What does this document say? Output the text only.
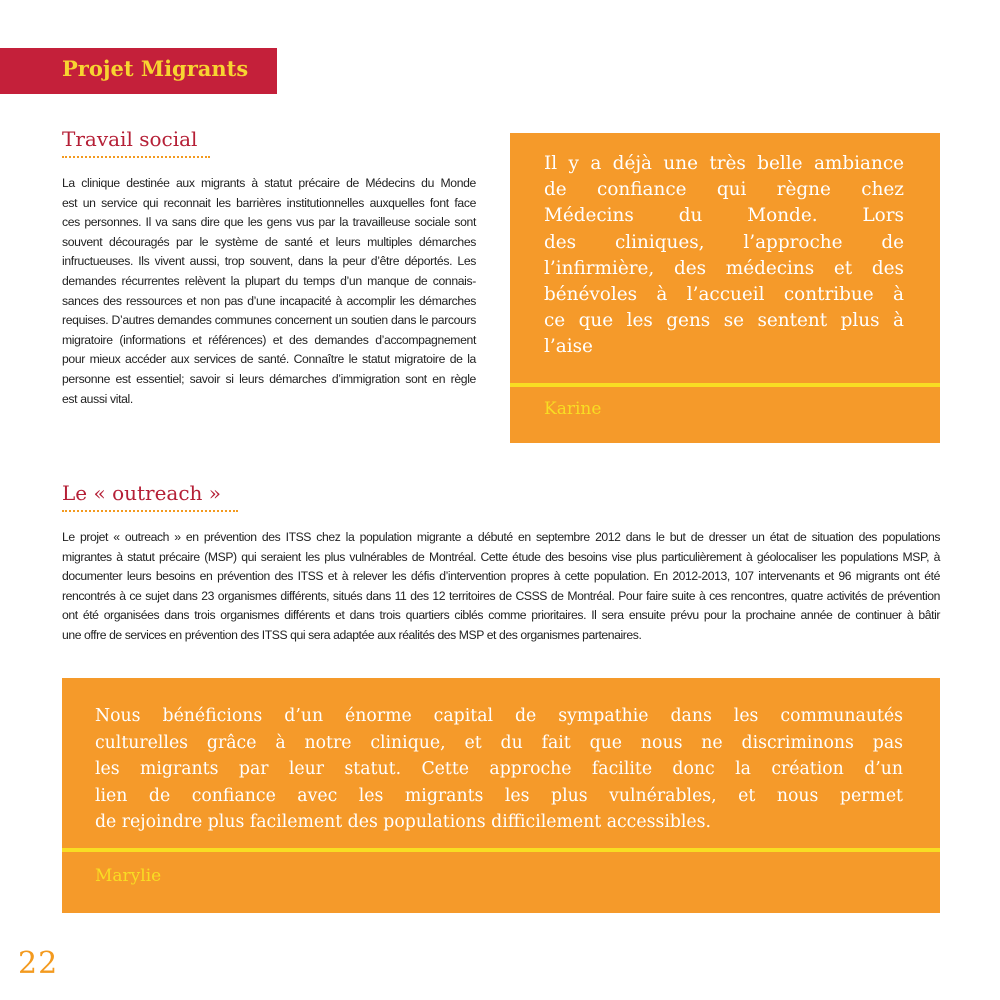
Projet Migrants
Travail social
La clinique destinée aux migrants à statut précaire de Médecins du Monde
est un service qui reconnait les barrières institutionnelles auxquelles font face
ces personnes. Il va sans dire que les gens vus par la travailleuse sociale sont
souvent découragés par le système de santé et leurs multiples démarches
infructueuses. Ils vivent aussi, trop souvent, dans la peur d’être déportés. Les
demandes récurrentes relèvent la plupart du temps d’un manque de connais-
sances des ressources et non pas d’une incapacité à accomplir les démarches
requises. D’autres demandes communes concernent un soutien dans le parcours
migratoire (informations et références) et des demandes d’accompagnement
pour mieux accéder aux services de santé. Connaître le statut migratoire de la
personne est essentiel; savoir si leurs démarches d’immigration sont en règle
est aussi vital.
Il y a déjà une très belle ambiance
de confiance qui règne chez
Médecins du Monde. Lors
des cliniques, l’approche de
l’infirmière, des médecins et des
bénévoles à l’accueil contribue à
ce que les gens se sentent plus à
l’aise
Karine
Le « outreach »
Le projet « outreach » en prévention des ITSS chez la population migrante a débuté en septembre 2012 dans le but de dresser un état de situation des populations
migrantes à statut précaire (MSP) qui seraient les plus vulnérables de Montréal. Cette étude des besoins vise plus particulièrement à géolocaliser les populations MSP, à
documenter leurs besoins en prévention des ITSS et à relever les défis d’intervention propres à cette population. En 2012-2013, 107 intervenants et 96 migrants ont été
rencontrés à ce sujet dans 23 organismes différents, situés dans 11 des 12 territoires de CSSS de Montréal. Pour faire suite à ces rencontres, quatre activités de prévention
ont été organisées dans trois organismes différents et dans trois quartiers ciblés comme prioritaires. Il sera ensuite prévu pour la prochaine année de continuer à bâtir
une offre de services en prévention des ITSS qui sera adaptée aux réalités des MSP et des organismes partenaires.
Nous bénéficions d’un énorme capital de sympathie dans les communautés
culturelles grâce à notre clinique, et du fait que nous ne discriminons pas
les migrants par leur statut. Cette approche facilite donc la création d’un
lien de confiance avec les migrants les plus vulnérables, et nous permet
de rejoindre plus facilement des populations difficilement accessibles.
Marylie
22
